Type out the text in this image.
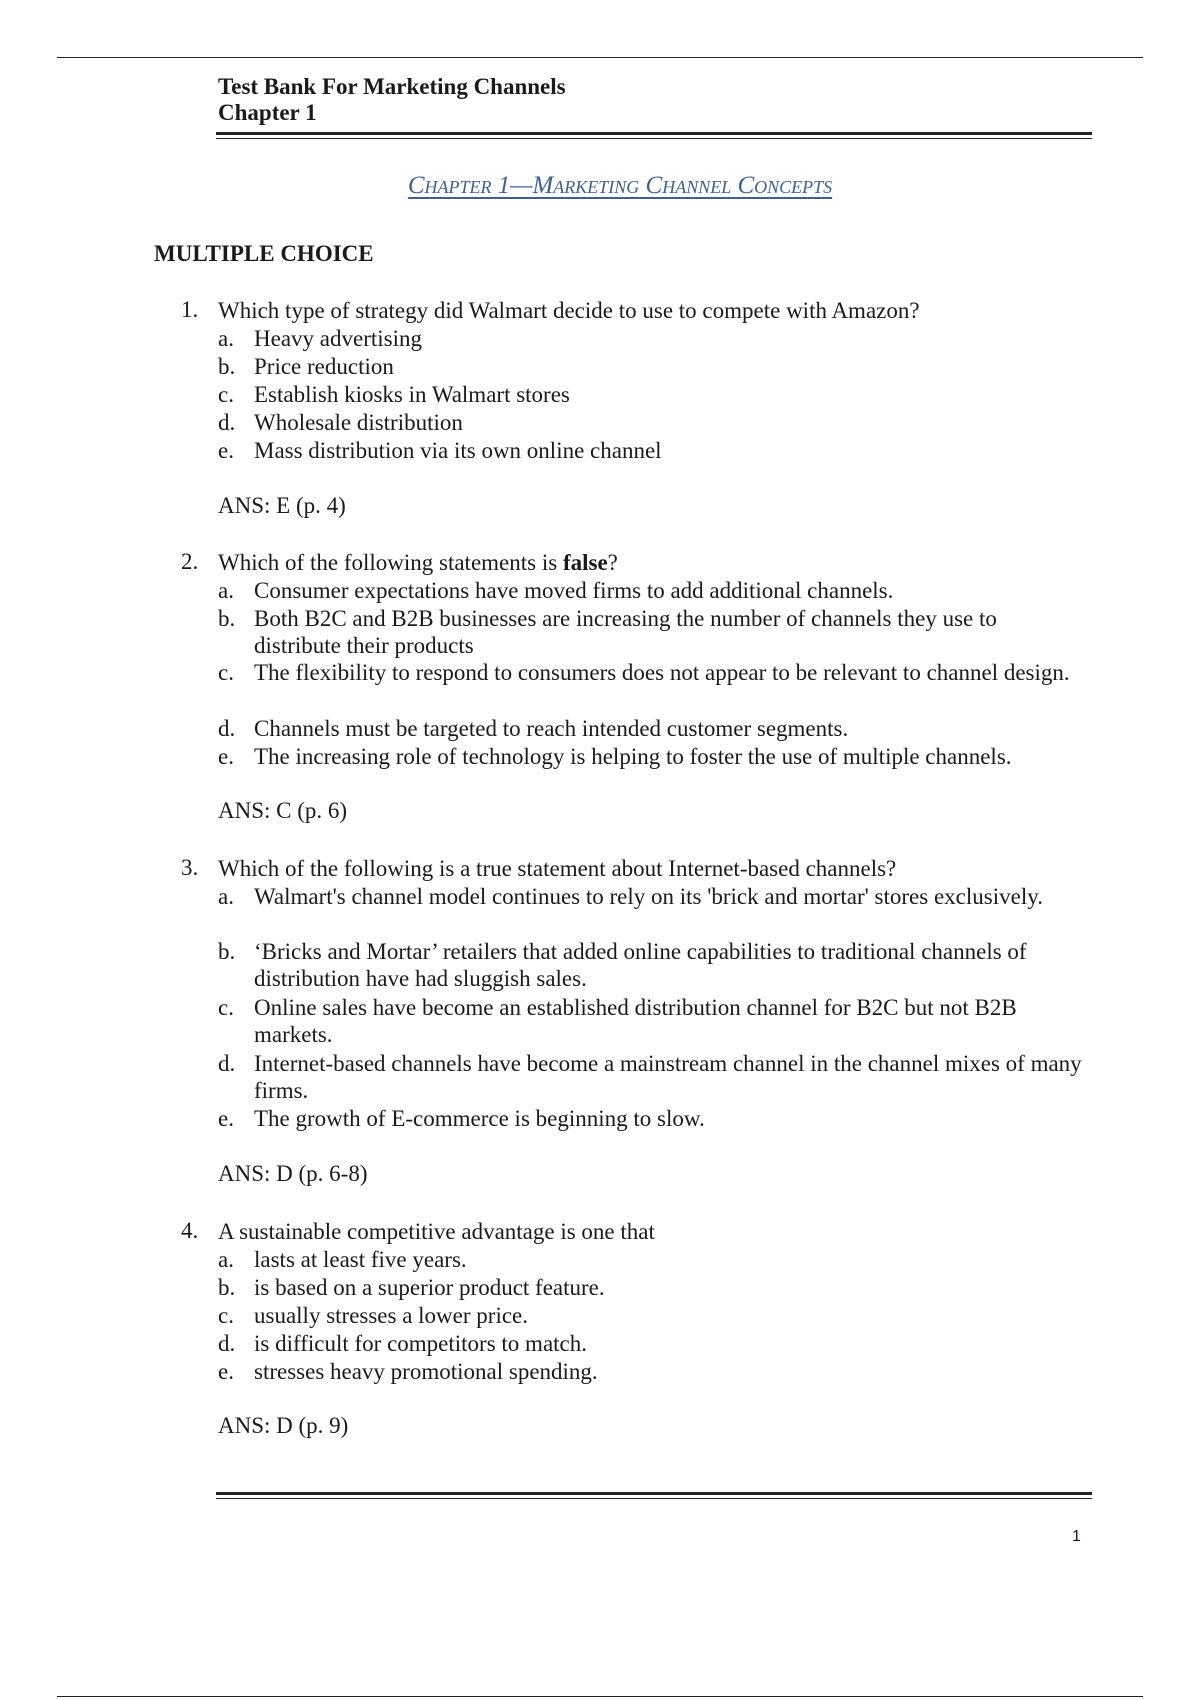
Test Bank For Marketing Channels
Chapter 1
Chapter 1—Marketing Channel Concepts
MULTIPLE CHOICE
1. Which type of strategy did Walmart decide to use to compete with Amazon?
a. Heavy advertising
b. Price reduction
c. Establish kiosks in Walmart stores
d. Wholesale distribution
e. Mass distribution via its own online channel
ANS: E (p. 4)
2. Which of the following statements is false?
a. Consumer expectations have moved firms to add additional channels.
b. Both B2C and B2B businesses are increasing the number of channels they use to distribute their products
c. The flexibility to respond to consumers does not appear to be relevant to channel design.
d. Channels must be targeted to reach intended customer segments.
e. The increasing role of technology is helping to foster the use of multiple channels.
ANS: C (p. 6)
3. Which of the following is a true statement about Internet-based channels?
a. Walmart's channel model continues to rely on its 'brick and mortar' stores exclusively.
b. ‘Bricks and Mortar’ retailers that added online capabilities to traditional channels of distribution have had sluggish sales.
c. Online sales have become an established distribution channel for B2C but not B2B markets.
d. Internet-based channels have become a mainstream channel in the channel mixes of many firms.
e. The growth of E-commerce is beginning to slow.
ANS: D (p. 6-8)
4. A sustainable competitive advantage is one that
a. lasts at least five years.
b. is based on a superior product feature.
c. usually stresses a lower price.
d. is difficult for competitors to match.
e. stresses heavy promotional spending.
ANS: D (p. 9)
1
